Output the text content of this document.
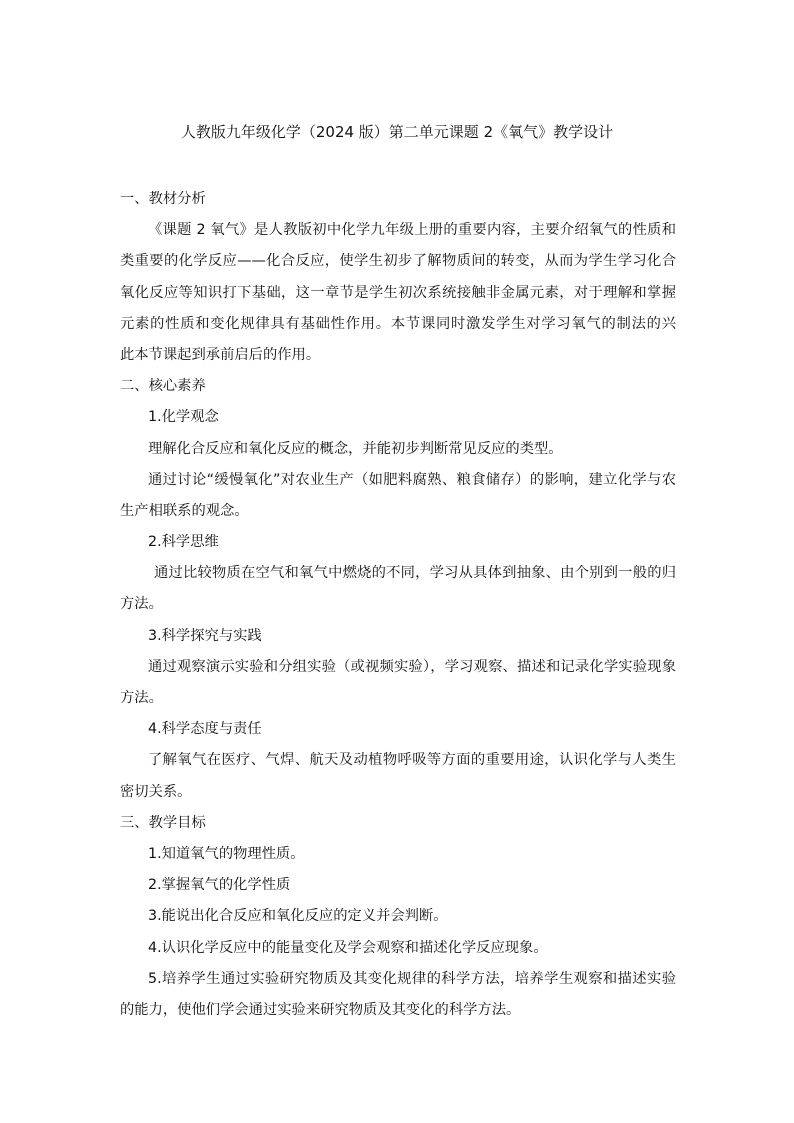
人教版九年级化学（2024 版）第二单元课题 2《氧气》教学设计
一、教材分析
《课题 2 氧气》是人教版初中化学九年级上册的重要内容，主要介绍氧气的性质和
类重要的化学反应——化合反应，使学生初步了解物质间的转变，从而为学生学习化合
氧化反应等知识打下基础，这一章节是学生初次系统接触非金属元素，对于理解和掌握
元素的性质和变化规律具有基础性作用。本节课同时激发学生对学习氧气的制法的兴
此本节课起到承前启后的作用。
二、核心素养
1.化学观念
理解化合反应和氧化反应的概念，并能初步判断常见反应的类型。
通过讨论“缓慢氧化”对农业生产（如肥料腐熟、粮食储存）的影响，建立化学与农
生产相联系的观念。
2.科学思维
通过比较物质在空气和氧气中燃烧的不同，学习从具体到抽象、由个别到一般的归
方法。
3.科学探究与实践
通过观察演示实验和分组实验（或视频实验），学习观察、描述和记录化学实验现象
方法。
4.科学态度与责任
了解氧气在医疗、气焊、航天及动植物呼吸等方面的重要用途，认识化学与人类生
密切关系。
三、教学目标
1.知道氧气的物理性质。
2.掌握氧气的化学性质
3.能说出化合反应和氧化反应的定义并会判断。
4.认识化学反应中的能量变化及学会观察和描述化学反应现象。
5.培养学生通过实验研究物质及其变化规律的科学方法，培养学生观察和描述实验
的能力，使他们学会通过实验来研究物质及其变化的科学方法。
